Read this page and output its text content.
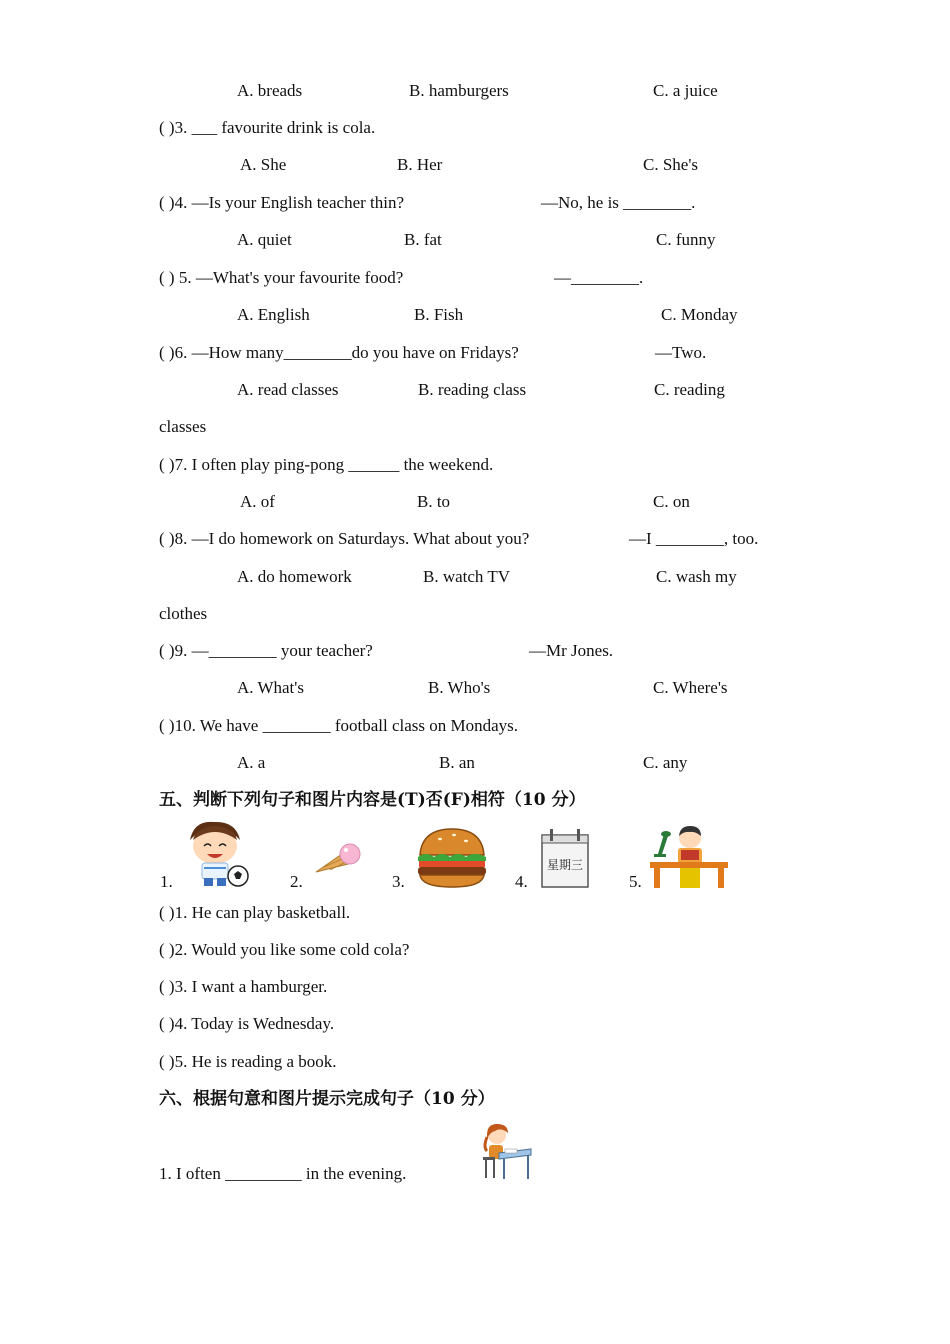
A. breads	B. hamburgers	C. a juice
( )3. ___ favourite drink is cola.
A. She	B. Her	C. She's
( )4. —Is your English teacher thin?	—No, he is ________.
A. quiet	B. fat	C. funny
( ) 5. —What's your favourite food?	—________.
A. English	B. Fish	C. Monday
( )6. —How many________do you have on Fridays?	—Two.
A. read classes	B. reading class	C. reading
classes
( )7. I often play ping-pong ______ the weekend.
A. of	B. to	C. on
( )8. —I do homework on Saturdays. What about you?	—I ________, too.
A. do homework	B. watch TV	C. wash my
clothes
( )9. —________ your teacher?	—Mr Jones.
A. What's	B. Who's	C. Where's
( )10. We have ________ football class on Mondays.
A. a	B. an	C. any
五、判断下列句子和图片内容是(T)否(F)相符（10 分）
1.	2.	3.	4.	5.
星期三
( )1. He can play basketball.
( )2. Would you like some cold cola?
( )3. I want a hamburger.
( )4. Today is Wednesday.
( )5. He is reading a book.
六、根据句意和图片提示完成句子（10 分）
1. I often _________ in the evening.
